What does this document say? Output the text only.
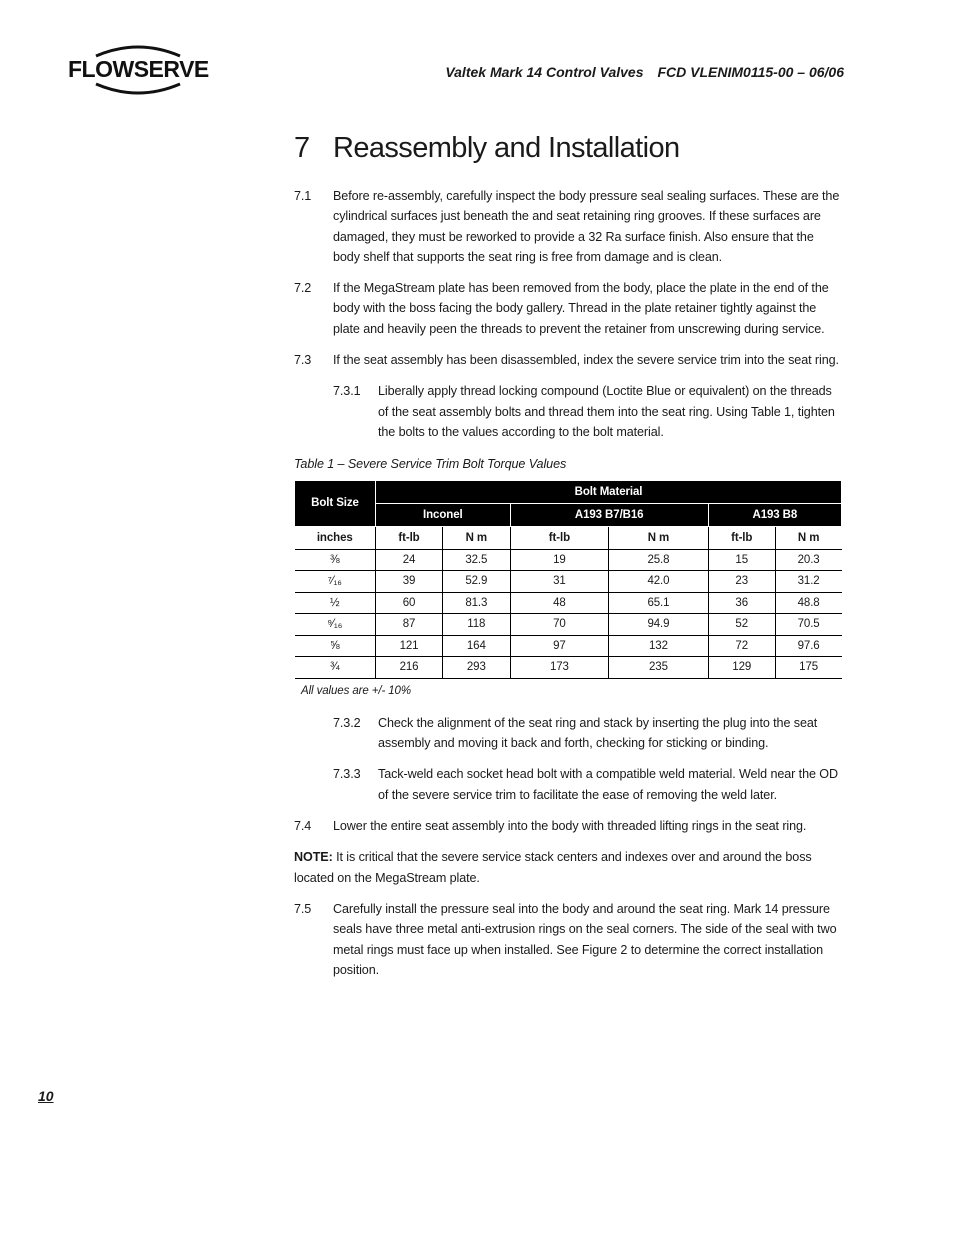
FLOWSERVE	Valtek Mark 14 Control Valves FCD VLENIM0115-00 – 06/06
7 Reassembly and Installation
7.1	Before re-assembly, carefully inspect the body pressure seal sealing surfaces. These are the cylindrical surfaces just beneath the and seat retaining ring grooves. If these surfaces are damaged, they must be reworked to provide a 32 Ra surface finish. Also ensure that the body shelf that supports the seat ring is free from damage and is clean.
7.2	If the MegaStream plate has been removed from the body, place the plate in the end of the body with the boss facing the body gallery. Thread in the plate retainer tightly against the plate and heavily peen the threads to prevent the retainer from unscrewing during service.
7.3	If the seat assembly has been disassembled, index the severe service trim into the seat ring.
7.3.1	Liberally apply thread locking compound (Loctite Blue or equivalent) on the threads of the seat assembly bolts and thread them into the seat ring. Using Table 1, tighten the bolts to the values according to the bolt material.
Table 1 – Severe Service Trim Bolt Torque Values
Bolt Size	Bolt Material					
	Inconel		A193 B7/B16		A193 B8	
inches	ft-lb	N m	ft-lb	N m	ft-lb	N m
⅜	24	32.5	19	25.8	15	20.3
⁷⁄₁₆	39	52.9	31	42.0	23	31.2
½	60	81.3	48	65.1	36	48.8
⁹⁄₁₆	87	118	70	94.9	52	70.5
⅝	121	164	97	132	72	97.6
¾	216	293	173	235	129	175
All values are +/- 10%
7.3.2	Check the alignment of the seat ring and stack by inserting the plug into the seat assembly and moving it back and forth, checking for sticking or binding.
7.3.3	Tack-weld each socket head bolt with a compatible weld material. Weld near the OD of the severe service trim to facilitate the ease of removing the weld later.
7.4	Lower the entire seat assembly into the body with threaded lifting rings in the seat ring.
NOTE: It is critical that the severe service stack centers and indexes over and around the boss located on the MegaStream plate.
7.5	Carefully install the pressure seal into the body and around the seat ring. Mark 14 pressure seals have three metal anti-extrusion rings on the seal corners. The side of the seal with two metal rings must face up when installed. See Figure 2 to determine the correct installation position.
10
